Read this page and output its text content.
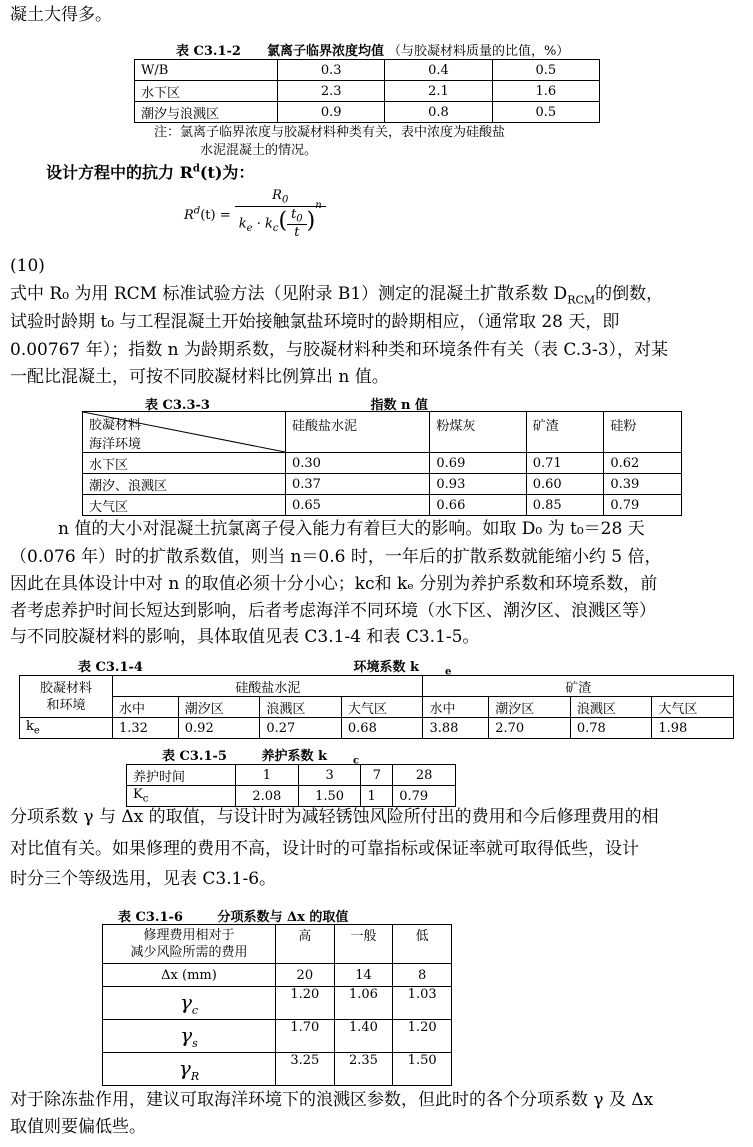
凝土大得多。
表 C3.1-2 氯离子临界浓度均值 （与胶凝材料质量的比值，%）
W/B	0.3	0.4	0.5
水下区	2.3	2.1	1.6
潮汐与浪溅区	0.9	0.8	0.5
注：氯离子临界浓度与胶凝材料种类有关，表中浓度为硅酸盐
水泥混凝土的情况。
设计方程中的抗力 $R^d(t)$为：
$R^d(t) = \frac{R_0}{k_e \cdot k_c( \frac{t_0}{t} )^n}$
(10)
式中 R₀ 为用 RCM 标准试验方法（见附录 B1）测定的混凝土扩散系数 $D_{RCM}$的倒数，
试验时龄期 t₀ 与工程混凝土开始接触氯盐环境时的龄期相应，（通常取 28 天，即
0.00767 年）；指数 n 为龄期系数，与胶凝材料种类和环境条件有关（表 C.3-3），对某
一配比混凝土，可按不同胶凝材料比例算出 n 值。
表 C3.3-3	指数 n 值
胶凝材料
海洋环境	硅酸盐水泥	粉煤灰	矿渣	硅粉
水下区	0.30	0.69	0.71	0.62
潮汐、浪溅区	0.37	0.93	0.60	0.39
大气区	0.65	0.66	0.85	0.79
n 值的大小对混凝土抗氯离子侵入能力有着巨大的影响。如取 D₀ 为 t₀＝28 天
（0.076 年）时的扩散系数值，则当 n＝0.6 时，一年后的扩散系数就能缩小约 5 倍，
因此在具体设计中对 n 的取值必须十分小心；kᴄ和 kₑ 分别为养护系数和环境系数，前
者考虑养护时间长短达到影响，后者考虑海洋不同环境（水下区、潮汐区、浪溅区等）
与不同胶凝材料的影响，具体取值见表 C3.1-4 和表 C3.1-5。
表 C3.1-4	环境系数 k	$_e$
胶凝材料
和环境	硅酸盐水泥				矿渣			
	水中	潮汐区	浪溅区	大气区	水中	潮汐区	浪溅区	大气区
$k_e$	1.32	0.92	0.27	0.68	3.88	2.70	0.78	1.98
表 C3.1-5	养护系数 k	$_c$
养护时间	1	3	7	28
$K_c$	2.08	1.50	1	0.79
分项系数 γ 与 Δx 的取值，与设计时为减轻锈蚀风险所付出的费用和今后修理费用的相
对比值有关。如果修理的费用不高，设计时的可靠指标或保证率就可取得低些，设计
时分三个等级选用，见表 C3.1-6。
表 C3.1-6	分项系数与 Δx 的取值
修理费用相对于
减少风险所需的费用	高	一般	低
Δx (mm)	20	14	8
$\gamma_c$	1.20	1.06	1.03
$\gamma_s$	1.70	1.40	1.20
$\gamma_R$	3.25	2.35	1.50
对于除冻盐作用，建议可取海洋环境下的浪溅区参数，但此时的各个分项系数 γ 及 Δx
取值则要偏低些。
